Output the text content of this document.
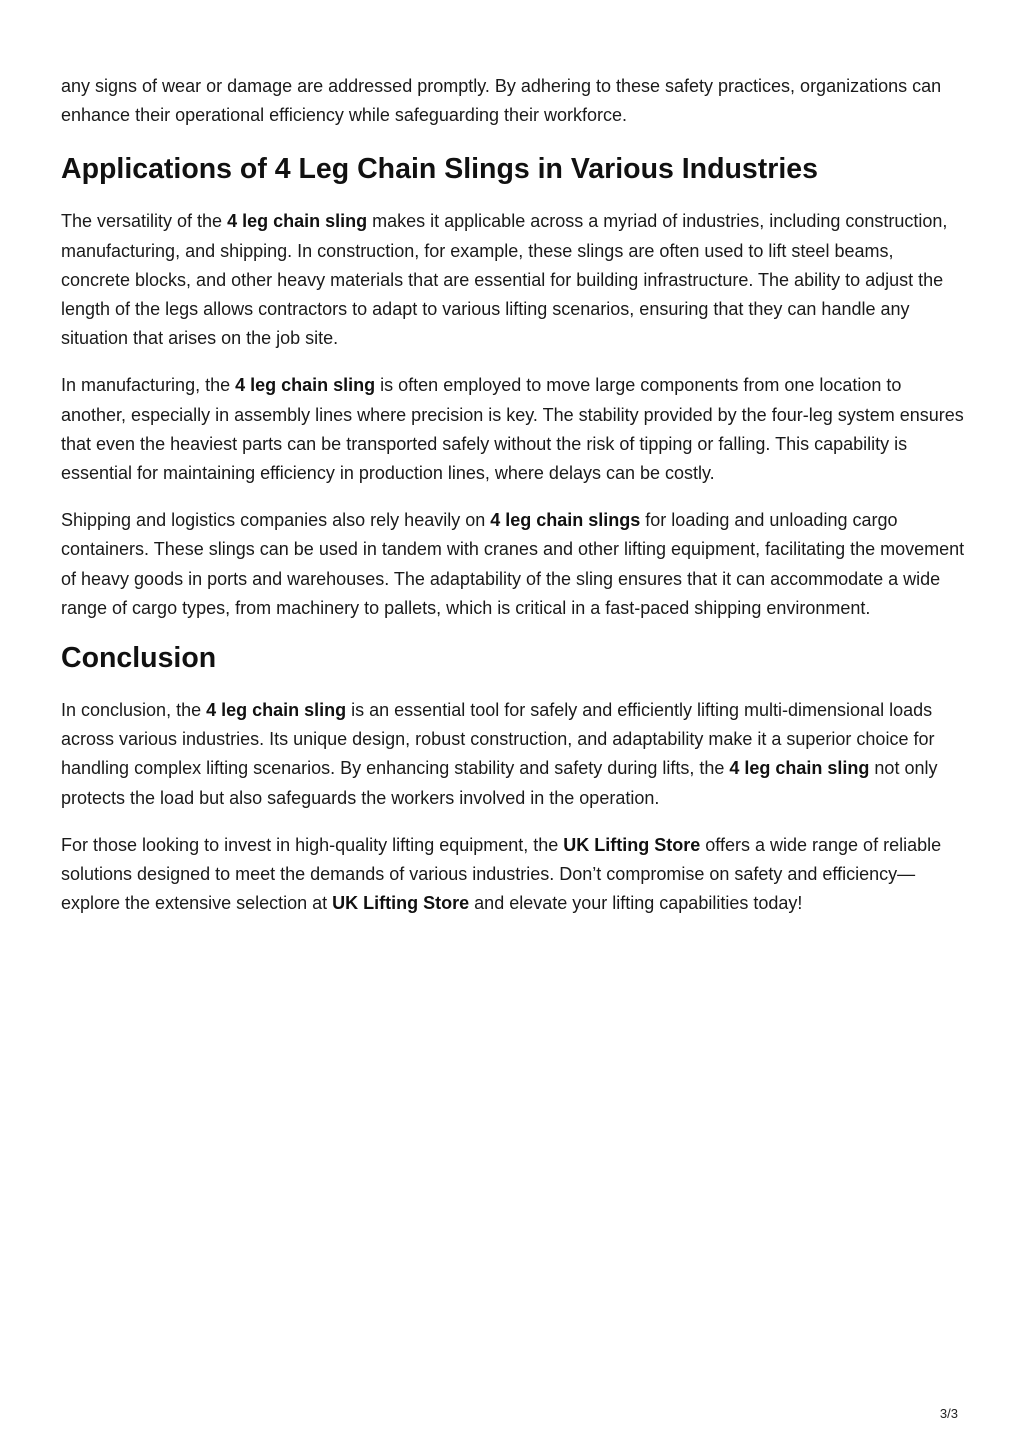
any signs of wear or damage are addressed promptly. By adhering to these safety practices, organizations can enhance their operational efficiency while safeguarding their workforce.

Applications of 4 Leg Chain Slings in Various Industries

The versatility of the 4 leg chain sling makes it applicable across a myriad of industries, including construction, manufacturing, and shipping. In construction, for example, these slings are often used to lift steel beams, concrete blocks, and other heavy materials that are essential for building infrastructure. The ability to adjust the length of the legs allows contractors to adapt to various lifting scenarios, ensuring that they can handle any situation that arises on the job site.

In manufacturing, the 4 leg chain sling is often employed to move large components from one location to another, especially in assembly lines where precision is key. The stability provided by the four-leg system ensures that even the heaviest parts can be transported safely without the risk of tipping or falling. This capability is essential for maintaining efficiency in production lines, where delays can be costly.

Shipping and logistics companies also rely heavily on 4 leg chain slings for loading and unloading cargo containers. These slings can be used in tandem with cranes and other lifting equipment, facilitating the movement of heavy goods in ports and warehouses. The adaptability of the sling ensures that it can accommodate a wide range of cargo types, from machinery to pallets, which is critical in a fast-paced shipping environment.

Conclusion

In conclusion, the 4 leg chain sling is an essential tool for safely and efficiently lifting multi-dimensional loads across various industries. Its unique design, robust construction, and adaptability make it a superior choice for handling complex lifting scenarios. By enhancing stability and safety during lifts, the 4 leg chain sling not only protects the load but also safeguards the workers involved in the operation.

For those looking to invest in high-quality lifting equipment, the UK Lifting Store offers a wide range of reliable solutions designed to meet the demands of various industries. Don’t compromise on safety and efficiency—explore the extensive selection at UK Lifting Store and elevate your lifting capabilities today!

3/3
